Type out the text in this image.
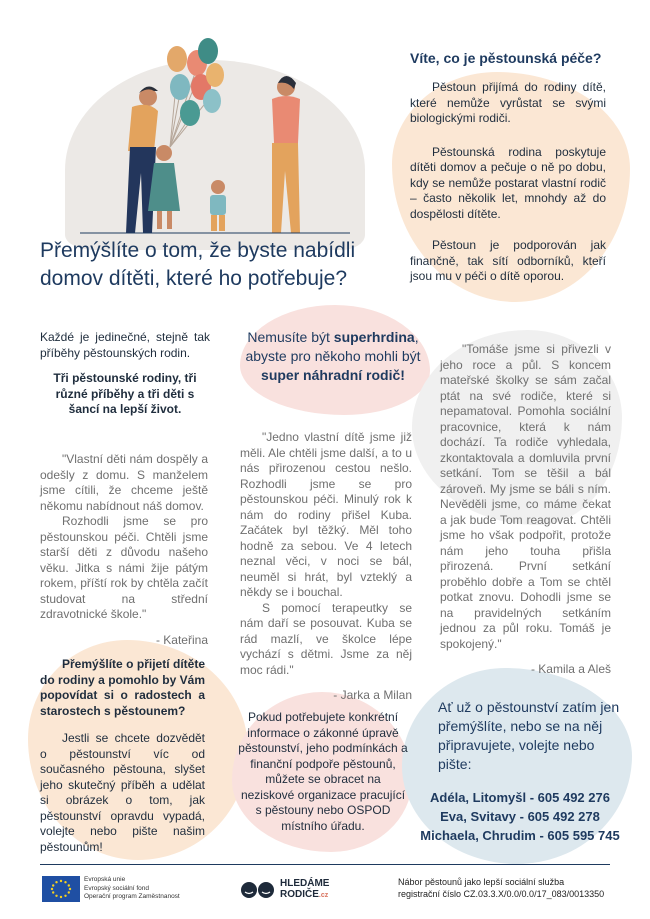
Přemýšlíte o tom, že byste nabídli domov dítěti, které ho potřebuje?
Víte, co je pěstounská péče?

Pěstoun přijímá do rodiny dítě, které nemůže vyrůstat se svými biologickými rodiči.

Pěstounská rodina poskytuje dítěti domov a pečuje o ně po dobu, kdy se nemůže postarat vlastní rodič – často několik let, mnohdy až do dospělosti dítěte.

Pěstoun je podporován jak finančně, tak sítí odborníků, kteří jsou mu v péči o dítě oporou.

Každé je jedinečné, stejně tak příběhy pěstounských rodin.

Tři pěstounské rodiny, tři různé příběhy a tři děti s šancí na lepší život.

Nemusíte být superhrdina,
abyste pro někoho mohli být
super náhradní rodič!

"Vlastní děti nám dospěly a odešly z domu. S manželem jsme cítili, že chceme ještě někomu nabídnout náš domov.

Rozhodli jsme se pro pěstounskou péči. Chtěli jsme starší děti z důvodu našeho věku. Jitka s námi žije pátým rokem, příští rok by chtěla začít studovat na střední zdravotnické škole."

- Kateřina

"Jedno vlastní dítě jsme již měli. Ale chtěli jsme další, a to u nás přirozenou cestou nešlo. Rozhodli jsme se pro pěstounskou péči. Minulý rok k nám do rodiny přišel Kuba. Začátek byl těžký. Měl toho hodně za sebou. Ve 4 letech neznal věci, v noci se bál, neuměl si hrát, byl vzteklý a někdy se i bouchal.

S pomocí terapeutky se nám daří se posouvat. Kuba se rád mazlí, ve školce lépe vychází s dětmi. Jsme za něj moc rádi."

- Jarka a Milan

"Tomáše jsme si přivezli v jeho roce a půl. S koncem mateřské školky se sám začal ptát na své rodiče, které si nepamatoval. Pomohla sociální pracovnice, která k nám dochází. Ta rodiče vyhledala, zkontaktovala a domluvila první setkání. Tom se těšil a bál zároveň. My jsme se báli s ním. Nevěděli jsme, co máme čekat a jak bude Tom reagovat. Chtěli jsme ho však podpořit, protože nám jeho touha přišla přirozená. První setkání proběhlo dobře a Tom se chtěl potkat znovu. Dohodli jsme se na pravidelných setkáním jednou za půl roku. Tomáš je spokojený."

- Kamila a Aleš

Přemýšlíte o přijetí dítěte do rodiny a pomohlo by Vám popovídat si o radostech a starostech s pěstounem?

Jestli se chcete dozvědět o pěstounství víc od současného pěstouna, slyšet jeho skutečný příběh a udělat si obrázek o tom, jak pěstounství opravdu vypadá, volejte nebo pište našim pěstounům!

Pokud potřebujete konkrétní informace o zákonné úpravě pěstounství, jeho podmínkách a finanční podpoře pěstounů, můžete se obracet na neziskové organizace pracující s pěstouny nebo OSPOD místního úřadu.

Ať už o pěstounství zatím jen přemýšlíte, nebo se na něj připravujete, volejte nebo pište:

Adéla, Litomyšl - 605 492 276
Eva, Svitavy - 605 492 278
Michaela, Chrudim - 605 595 745
Evropská unie
Evropský sociální fond
Operační program Zaměstnanost
HLEDÁME
RODIČE.cz
Nábor pěstounů jako lepší sociální služba
registrační číslo CZ.03.3.X/0.0/0.0/17_083/0013350
